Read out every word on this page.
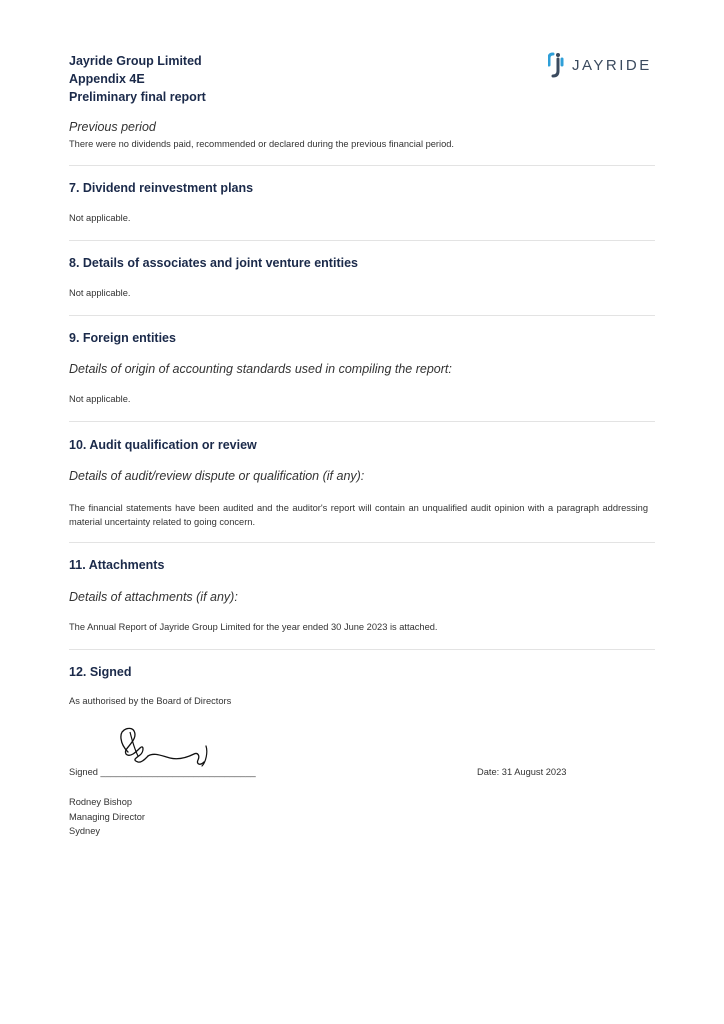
Jayride Group Limited
Appendix 4E
Preliminary final report
JAYRIDE
Previous period
There were no dividends paid, recommended or declared during the previous financial period.
7. Dividend reinvestment plans
Not applicable.
8. Details of associates and joint venture entities
Not applicable.
9. Foreign entities
Details of origin of accounting standards used in compiling the report:
Not applicable.
10. Audit qualification or review
Details of audit/review dispute or qualification (if any):
The financial statements have been audited and the auditor's report will contain an unqualified audit opinion with a paragraph addressing material uncertainty related to going concern.
11. Attachments
Details of attachments (if any):
The Annual Report of Jayride Group Limited for the year ended 30 June 2023 is attached.
12. Signed
As authorised by the Board of Directors
Signed ______________________________	Date: 31 August 2023
Rodney Bishop
Managing Director
Sydney
